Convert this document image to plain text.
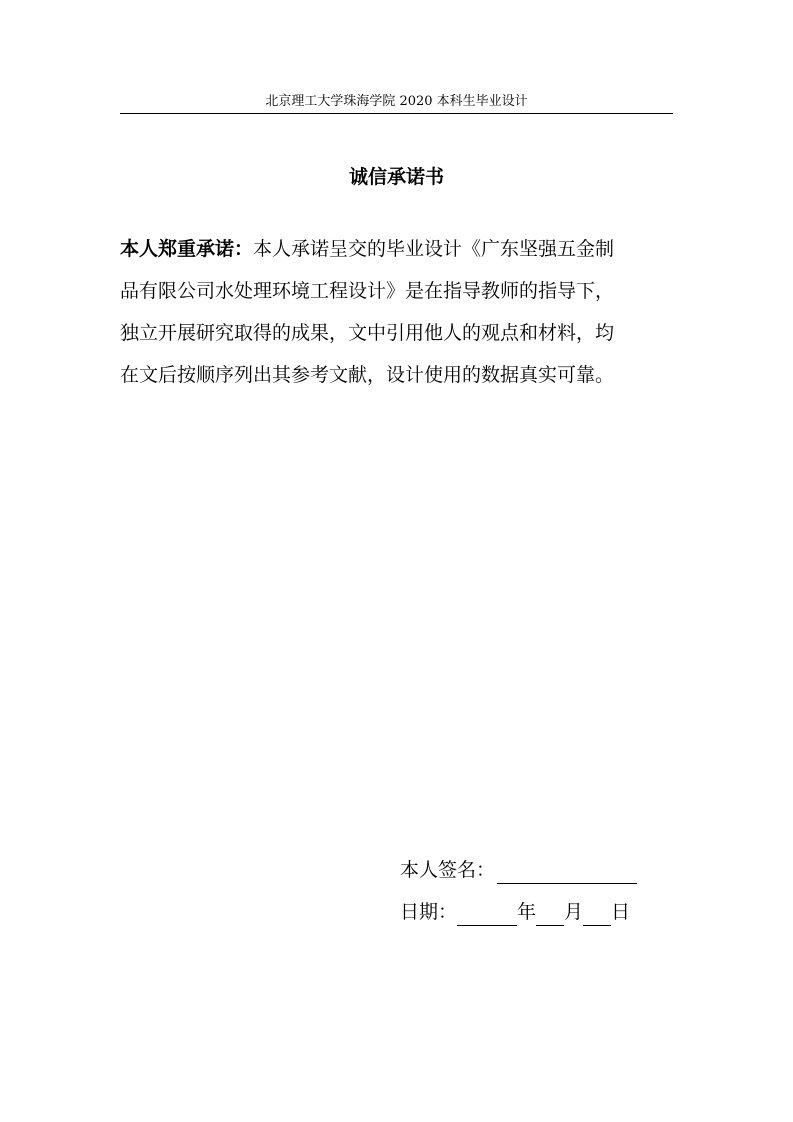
北京理工大学珠海学院 2020 本科生毕业设计
诚信承诺书
本人郑重承诺：本人承诺呈交的毕业设计《广东坚强五金制
品有限公司水处理环境工程设计》是在指导教师的指导下，
独立开展研究取得的成果，文中引用他人的观点和材料，均
在文后按顺序列出其参考文献，设计使用的数据真实可靠。
本人签名：
日期：	年 月 日
